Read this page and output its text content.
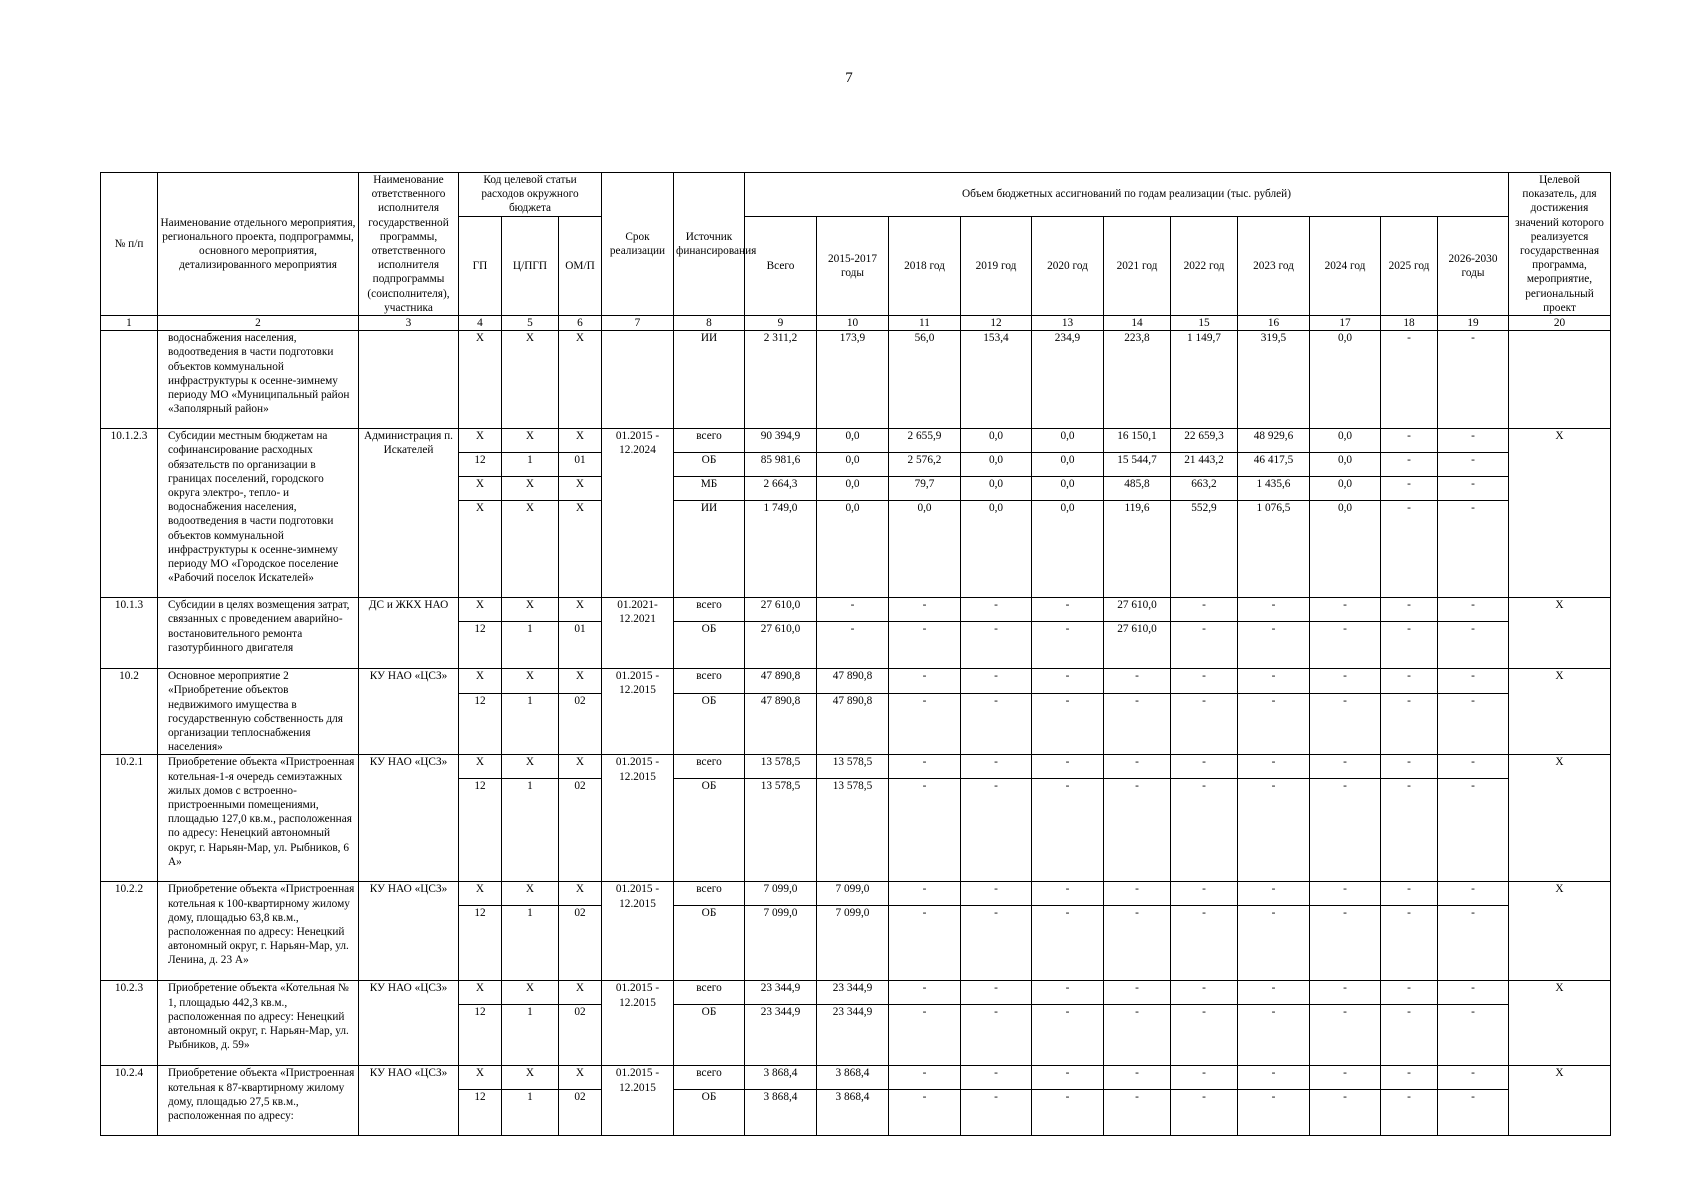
7
№ п/п	Наименование отдельного мероприятия, регионального проекта, подпрограммы, основного мероприятия, детализированного мероприятия	Наименование ответственного исполнителя государственной программы, ответственного исполнителя подпрограммы (соисполнителя), участника	Код целевой статьи расходов окружного бюджета			Срок реализации	Источник финансирования	Объем бюджетных ассигнований по годам реализации (тыс. рублей)											Целевой показатель, для достижения значений которого реализуется государственная программа, мероприятие, региональный проект
			ГП	Ц/ПГП	ОМ/П			Всего	2015-2017 годы	2018 год	2019 год	2020 год	2021 год	2022 год	2023 год	2024 год	2025 год	2026-2030 годы	
1	2	3	4	5	6	7	8	9	10	11	12	13	14	15	16	17	18	19	20
	водоснабжения населения, водоотведения в части подготовки объектов коммунальной инфраструктуры к осенне-зимнему периоду МО «Муниципальный район «Заполярный район»		X	X	X		ИИ	2 311,2	173,9	56,0	153,4	234,9	223,8	1 149,7	319,5	0,0	-	-	
10.1.2.3	Субсидии местным бюджетам на софинансирование расходных обязательств по организации в границах поселений, городского округа электро-, тепло- и водоснабжения населения, водоотведения в части подготовки объектов коммунальной инфраструктуры к осенне-зимнему периоду МО «Городское поселение «Рабочий поселок Искателей»	Администрация п. Искателей	X	X	X	01.2015 - 12.2024	всего	90 394,9	0,0	2 655,9	0,0	0,0	16 150,1	22 659,3	48 929,6	0,0	-	-	X
			12	1	01		ОБ	85 981,6	0,0	2 576,2	0,0	0,0	15 544,7	21 443,2	46 417,5	0,0	-	-	
			X	X	X		МБ	2 664,3	0,0	79,7	0,0	0,0	485,8	663,2	1 435,6	0,0	-	-	
			X	X	X		ИИ	1 749,0	0,0	0,0	0,0	0,0	119,6	552,9	1 076,5	0,0	-	-	
10.1.3	Субсидии в целях возмещения затрат, связанных с проведением аварийно-востановительного ремонта газотурбинного двигателя	ДС и ЖКХ НАО	X	X	X	01.2021- 12.2021	всего	27 610,0	-	-	-	-	27 610,0	-	-	-	-	-	X
			12	1	01		ОБ	27 610,0	-	-	-	-	27 610,0	-	-	-	-	-	
10.2	Основное мероприятие 2 «Приобретение объектов недвижимого имущества в государственную собственность для организации теплоснабжения населения»	КУ НАО «ЦСЗ»	X	X	X	01.2015 - 12.2015	всего	47 890,8	47 890,8	-	-	-	-	-	-	-	-	-	X
			12	1	02		ОБ	47 890,8	47 890,8	-	-	-	-	-	-	-	-	-	
10.2.1	Приобретение объекта «Пристроенная котельная-1-я очередь семиэтажных жилых домов с встроенно-пристроенными помещениями, площадью 127,0 кв.м., расположенная по адресу: Ненецкий автономный округ, г. Нарьян-Мар, ул. Рыбников, 6 А»	КУ НАО «ЦСЗ»	X	X	X	01.2015 - 12.2015	всего	13 578,5	13 578,5	-	-	-	-	-	-	-	-	-	X
			12	1	02		ОБ	13 578,5	13 578,5	-	-	-	-	-	-	-	-	-	
10.2.2	Приобретение объекта «Пристроенная котельная к 100-квартирному жилому дому, площадью 63,8 кв.м., расположенная по адресу: Ненецкий автономный округ, г. Нарьян-Мар, ул. Ленина, д. 23 А»	КУ НАО «ЦСЗ»	X	X	X	01.2015 - 12.2015	всего	7 099,0	7 099,0	-	-	-	-	-	-	-	-	-	X
			12	1	02		ОБ	7 099,0	7 099,0	-	-	-	-	-	-	-	-	-	
10.2.3	Приобретение объекта «Котельная № 1, площадью 442,3 кв.м., расположенная по адресу: Ненецкий автономный округ, г. Нарьян-Мар, ул. Рыбников, д. 59»	КУ НАО «ЦСЗ»	X	X	X	01.2015 - 12.2015	всего	23 344,9	23 344,9	-	-	-	-	-	-	-	-	-	X
			12	1	02		ОБ	23 344,9	23 344,9	-	-	-	-	-	-	-	-	-	
10.2.4	Приобретение объекта «Пристроенная котельная к 87-квартирному жилому дому, площадью 27,5 кв.м., расположенная по адресу:	КУ НАО «ЦСЗ»	X	X	X	01.2015 - 12.2015	всего	3 868,4	3 868,4	-	-	-	-	-	-	-	-	-	X
			12	1	02		ОБ	3 868,4	3 868,4	-	-	-	-	-	-	-	-	-	
